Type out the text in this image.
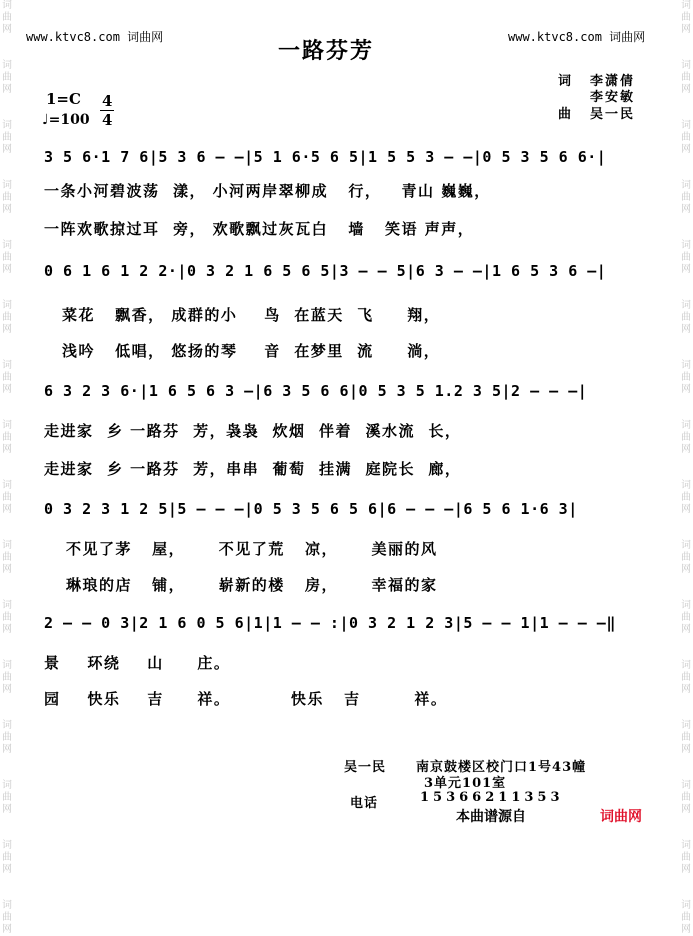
词
曲
网

词
曲
网

词
曲
网

词
曲
网

词
曲
网

词
曲
网

词
曲
网

词
曲
网

词
曲
网

词
曲
网

词
曲
网

词
曲
网

词
曲
网

词
曲
网

词
曲
网

词
曲
网

词
曲
网

词
曲
网

词
曲
网

词
曲
网

词
曲
网

词
曲
网

词
曲
网

词
曲
网

词
曲
网

词
曲
网

词
曲
网

词
曲
网

词
曲
网

词
曲
网

词
曲
网

词
曲
网

www.ktvc8.com 词曲网	www.ktvc8.com 词曲网
一路芬芳
词 李潇倩
李安敏
曲 吴一民
1=C
♩=100
4
4
3 5 6·1 7 6|5 3 6 — —|5 1 6·5 6 5|1 5 5 3 — —|0 5 3 5 6 6·|
一条小河碧波荡  漾， 小河两岸翠柳成   行，   青山 巍巍，
一阵欢歌掠过耳  旁， 欢歌飘过灰瓦白   墙   笑语 声声，
0 6 1 6 1 2 2·|0 3 2 1 6 5 6 5|3 — — 5|6 3 — —|1 6 5 3 6 —|
菜花   飘香， 成群的小    鸟  在蓝天  飞     翔，
浅吟   低唱， 悠扬的琴    音  在梦里  流     淌，
6 3 2 3 6·|1 6 5 6 3 —|6 3 5 6 6|0 5 3 5 1.2 3 5|2 — — —|
走进家  乡 一路芬  芳，袅袅  炊烟  伴着  溪水流  长，
走进家  乡 一路芬  芳，串串  葡萄  挂满  庭院长  廊，
0 3 2 3 1 2 5|5 — — —|0 5 3 5 6 5 6|6 — — —|6 5 6 1·6 3|
不见了茅   屋，     不见了荒   凉，     美丽的风
琳琅的店   铺，     崭新的楼   房，     幸福的家
2 — — 0 3|2 1 6 0 5 6|1|1 — — :|0 3 2 1 2 3|5 — — 1|1 — — —‖
景    环绕    山     庄。
园    快乐    吉     祥。         快乐   吉        祥。
吴一民 南京鼓楼区校门口1号43幢
3单元101室
电话	15366211353
本曲谱源自	词曲网
